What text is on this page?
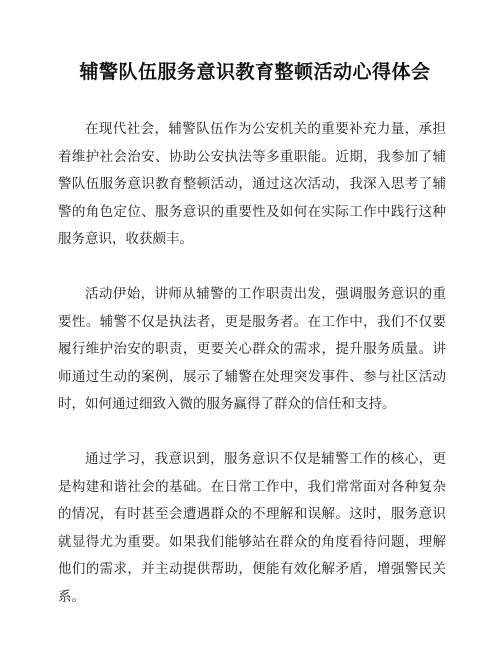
辅警队伍服务意识教育整顿活动心得体会

在现代社会，辅警队伍作为公安机关的重要补充力量，承担着维护社会治安、协助公安执法等多重职能。近期，我参加了辅警队伍服务意识教育整顿活动，通过这次活动，我深入思考了辅警的角色定位、服务意识的重要性及如何在实际工作中践行这种服务意识，收获颇丰。

活动伊始，讲师从辅警的工作职责出发，强调服务意识的重要性。辅警不仅是执法者，更是服务者。在工作中，我们不仅要履行维护治安的职责，更要关心群众的需求，提升服务质量。讲师通过生动的案例，展示了辅警在处理突发事件、参与社区活动时，如何通过细致入微的服务赢得了群众的信任和支持。

通过学习，我意识到，服务意识不仅是辅警工作的核心，更是构建和谐社会的基础。在日常工作中，我们常常面对各种复杂的情况，有时甚至会遭遇群众的不理解和误解。这时，服务意识就显得尤为重要。如果我们能够站在群众的角度看待问题，理解他们的需求，并主动提供帮助，便能有效化解矛盾，增强警民关系。
